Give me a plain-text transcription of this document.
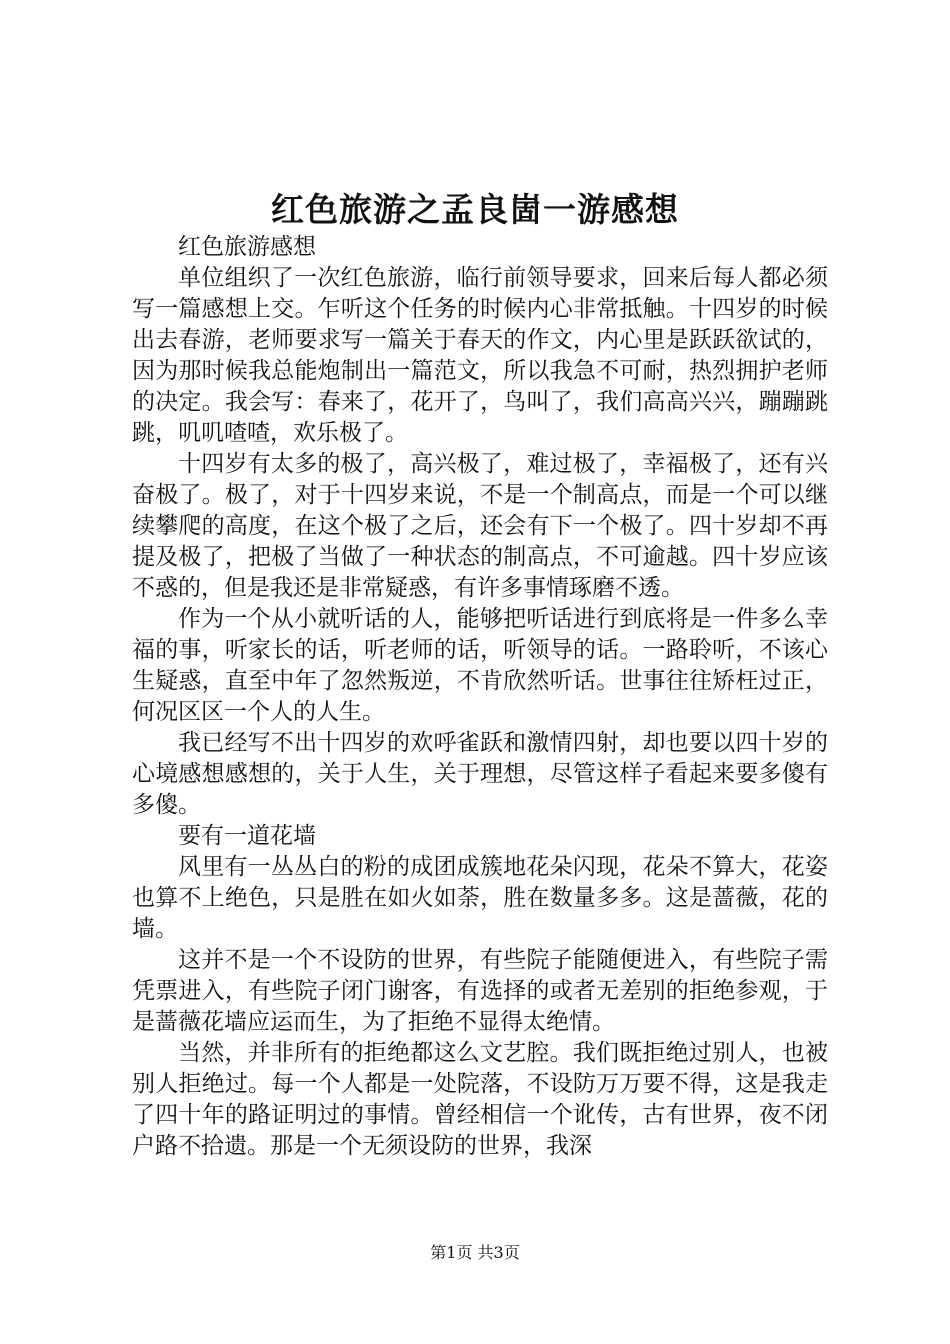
红色旅游之孟良崮一游感想

红色旅游感想

单位组织了一次红色旅游，临行前领导要求，回来后每人都必须写一篇感想上交。乍听这个任务的时候内心非常抵触。十四岁的时候出去春游，老师要求写一篇关于春天的作文，内心里是跃跃欲试的，因为那时候我总能炮制出一篇范文，所以我急不可耐，热烈拥护老师的决定。我会写：春来了，花开了，鸟叫了，我们高高兴兴，蹦蹦跳跳，叽叽喳喳，欢乐极了。

十四岁有太多的极了，高兴极了，难过极了，幸福极了，还有兴奋极了。极了，对于十四岁来说，不是一个制高点，而是一个可以继续攀爬的高度，在这个极了之后，还会有下一个极了。四十岁却不再提及极了，把极了当做了一种状态的制高点，不可逾越。四十岁应该不惑的，但是我还是非常疑惑，有许多事情琢磨不透。

作为一个从小就听话的人，能够把听话进行到底将是一件多么幸福的事，听家长的话，听老师的话，听领导的话。一路聆听，不该心生疑惑，直至中年了忽然叛逆，不肯欣然听话。世事往往矫枉过正，何况区区一个人的人生。

我已经写不出十四岁的欢呼雀跃和激情四射，却也要以四十岁的心境感想感想的，关于人生，关于理想，尽管这样子看起来要多傻有多傻。

要有一道花墙

风里有一丛丛白的粉的成团成簇地花朵闪现，花朵不算大，花姿也算不上绝色，只是胜在如火如荼，胜在数量多多。这是蔷薇，花的墙。

这并不是一个不设防的世界，有些院子能随便进入，有些院子需凭票进入，有些院子闭门谢客，有选择的或者无差别的拒绝参观，于是蔷薇花墙应运而生，为了拒绝不显得太绝情。

当然，并非所有的拒绝都这么文艺腔。我们既拒绝过别人，也被别人拒绝过。每一个人都是一处院落，不设防万万要不得，这是我走了四十年的路证明过的事情。曾经相信一个讹传，古有世界，夜不闭户路不拾遗。那是一个无须设防的世界，我深

第1页 共3页
